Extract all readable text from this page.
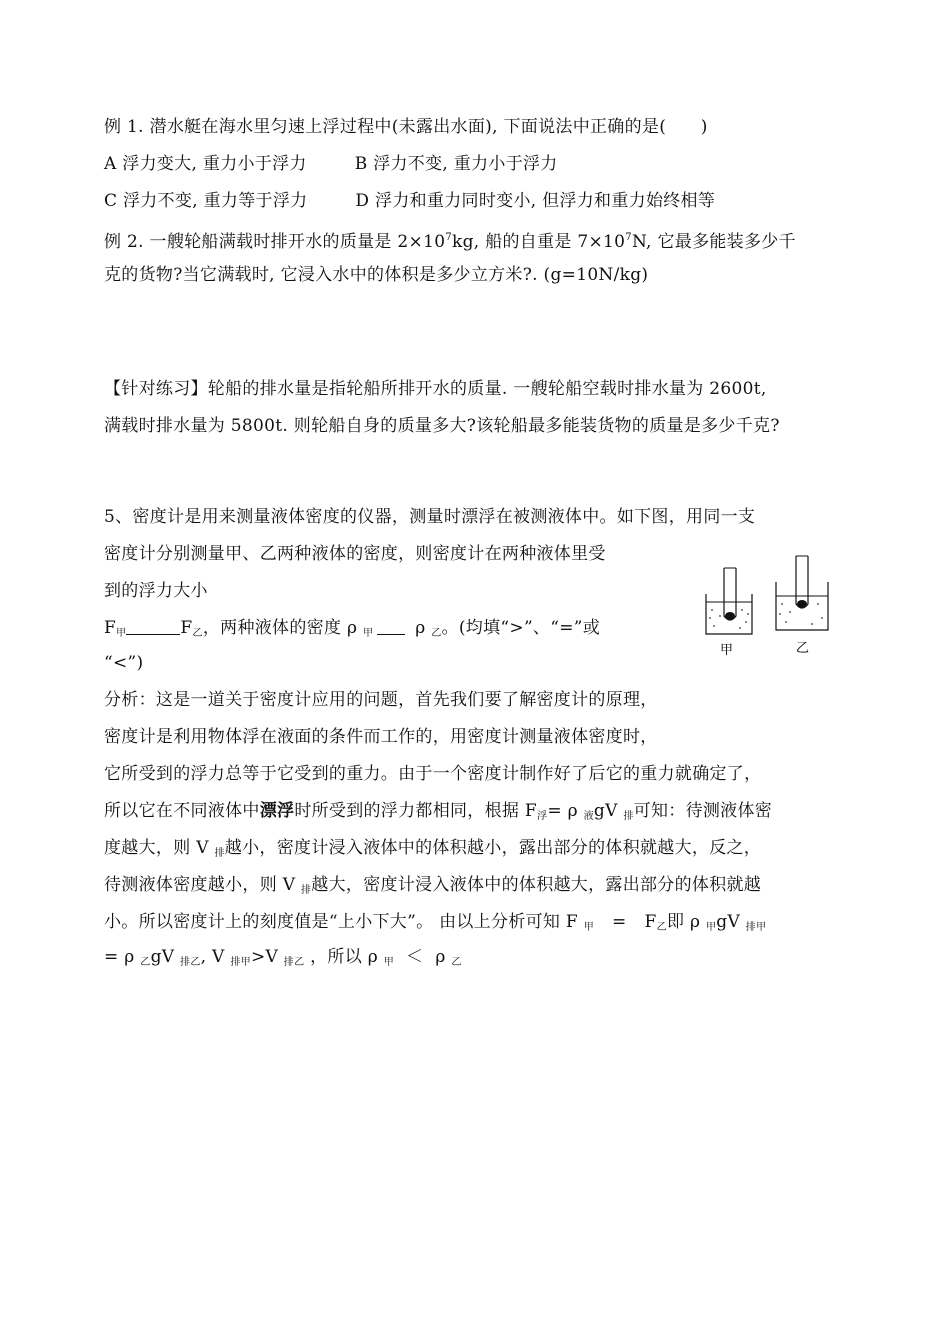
例 1. 潜水艇在海水里匀速上浮过程中(未露出水面), 下面说法中正确的是(　　)
A 浮力变大, 重力小于浮力	B 浮力不变, 重力小于浮力
C 浮力不变, 重力等于浮力	D 浮力和重力同时变小, 但浮力和重力始终相等
例 2. 一艘轮船满载时排开水的质量是 $2\times 10^7kg$, 船的自重是 $7\times 10^7N$, 它最多能装多少千
克的货物?当它满载时, 它浸入水中的体积是多少立方米?. (g=10N/kg)
【针对练习】轮船的排水量是指轮船所排开水的质量. 一艘轮船空载时排水量为 2600t,
满载时排水量为 5800t. 则轮船自身的质量多大?该轮船最多能装货物的质量是多少千克?
5、密度计是用来测量液体密度的仪器，测量时漂浮在被测液体中。如下图，用同一支
密度计分别测量甲、乙两种液体的密度，则密度计在两种液体里受
到的浮力大小
$F_甲$	$F_乙$，两种液体的密度 ρ $_甲$ ρ $_乙$。(均填“>”、“=”或
“<”)
甲	乙
分析：这是一道关于密度计应用的问题，首先我们要了解密度计的原理，
密度计是利用物体浮在液面的条件而工作的，用密度计测量液体密度时，
它所受到的浮力总等于它受到的重力。由于一个密度计制作好了后它的重力就确定了，
所以它在不同液体中漂浮时所受到的浮力都相同，根据 $F_浮= \rho$ $_液$gV $_排$可知：待测液体密
度越大，则 V $_排$越小，密度计浸入液体中的体积越小，露出部分的体积就越大，反之，
待测液体密度越小，则 V $_排$越大，密度计浸入液体中的体积越大，露出部分的体积就越
小。所以密度计上的刻度值是“上小下大”。 由以上分析可知 F $_甲 = F_乙$即 ρ $_甲$gV $_{排甲}$
= ρ $_乙$gV $_{排乙}$, V $_{排甲}$>V $_{排乙}$ ，所以 ρ $_甲$ ＜ ρ $_乙$
